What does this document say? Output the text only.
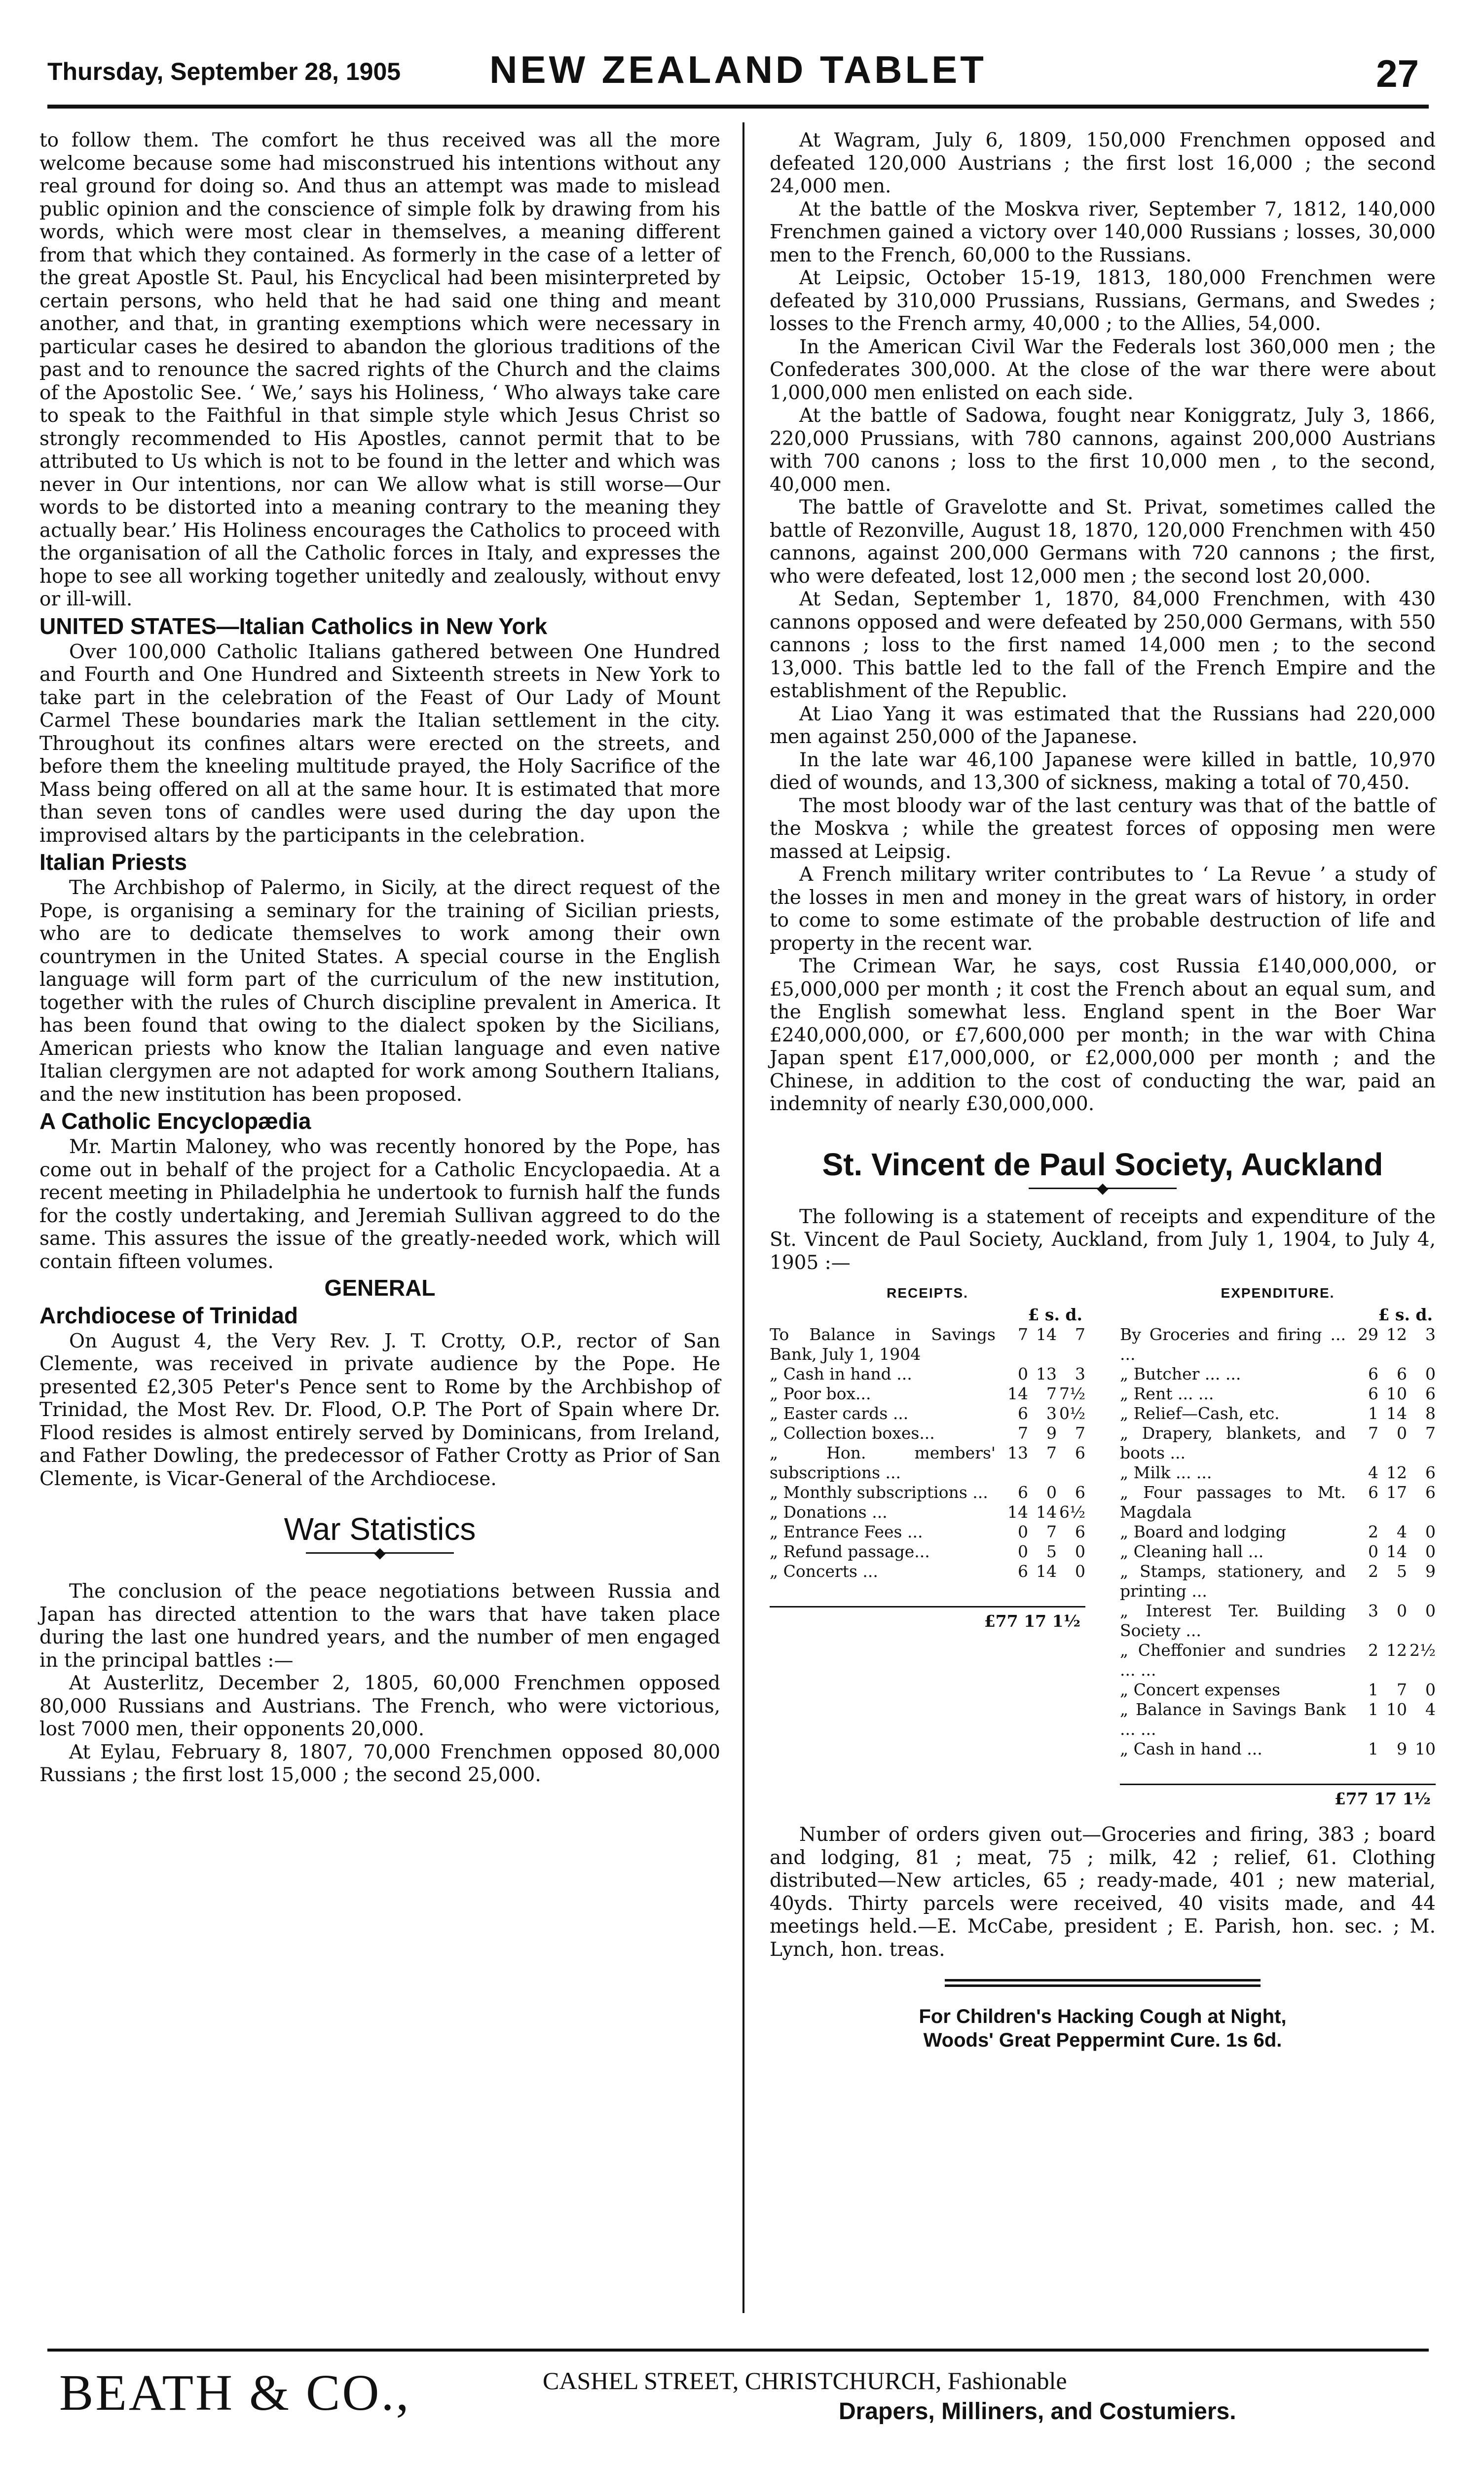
Thursday, September 28, 1905	NEW ZEALAND TABLET	27

to follow them. The comfort he thus received was all the more welcome because some had misconstrued his intentions without any real ground for doing so. And thus an attempt was made to mislead public opinion and the conscience of simple folk by drawing from his words, which were most clear in themselves, a meaning different from that which they contained. As formerly in the case of a letter of the great Apostle St. Paul, his Encyclical had been misinterpreted by certain persons, who held that he had said one thing and meant another, and that, in granting exemptions which were necessary in particular cases he desired to abandon the glorious traditions of the past and to renounce the sacred rights of the Church and the claims of the Apostolic See. ‘ We,’ says his Holiness, ‘ Who always take care to speak to the Faithful in that simple style which Jesus Christ so strongly recommended to His Apostles, cannot permit that to be attributed to Us which is not to be found in the letter and which was never in Our intentions, nor can We allow what is still worse—Our words to be distorted into a meaning contrary to the meaning they actually bear.’ His Holiness encourages the Catholics to proceed with the organisation of all the Catholic forces in Italy, and expresses the hope to see all working together unitedly and zealously, without envy or ill-will.

UNITED STATES—Italian Catholics in New York

Over 100,000 Catholic Italians gathered between One Hundred and Fourth and One Hundred and Sixteenth streets in New York to take part in the celebration of the Feast of Our Lady of Mount Carmel These boundaries mark the Italian settlement in the city. Throughout its confines altars were erected on the streets, and before them the kneeling multitude prayed, the Holy Sacrifice of the Mass being offered on all at the same hour. It is estimated that more than seven tons of candles were used during the day upon the improvised altars by the participants in the celebration.

Italian Priests

The Archbishop of Palermo, in Sicily, at the direct request of the Pope, is organising a seminary for the training of Sicilian priests, who are to dedicate themselves to work among their own countrymen in the United States. A special course in the English language will form part of the curriculum of the new institution, together with the rules of Church discipline prevalent in America. It has been found that owing to the dialect spoken by the Sicilians, American priests who know the Italian language and even native Italian clergymen are not adapted for work among Southern Italians, and the new institution has been proposed.

A Catholic Encyclopædia

Mr. Martin Maloney, who was recently honored by the Pope, has come out in behalf of the project for a Catholic Encyclopaedia. At a recent meeting in Philadelphia he undertook to furnish half the funds for the costly undertaking, and Jeremiah Sullivan aggreed to do the same. This assures the issue of the greatly-needed work, which will contain fifteen volumes.

GENERAL
Archdiocese of Trinidad

On August 4, the Very Rev. J. T. Crotty, O.P., rector of San Clemente, was received in private audience by the Pope. He presented £2,305 Peter's Pence sent to Rome by the Archbishop of Trinidad, the Most Rev. Dr. Flood, O.P. The Port of Spain where Dr. Flood resides is almost entirely served by Dominicans, from Ireland, and Father Dowling, the predecessor of Father Crotty as Prior of San Clemente, is Vicar-General of the Archdiocese.

War Statistics
◆

The conclusion of the peace negotiations between Russia and Japan has directed attention to the wars that have taken place during the last one hundred years, and the number of men engaged in the principal battles :—

At Austerlitz, December 2, 1805, 60,000 Frenchmen opposed 80,000 Russians and Austrians. The French, who were victorious, lost 7000 men, their opponents 20,000.

At Eylau, February 8, 1807, 70,000 Frenchmen opposed 80,000 Russians ; the first lost 15,000 ; the second 25,000.

At Wagram, July 6, 1809, 150,000 Frenchmen opposed and defeated 120,000 Austrians ; the first lost 16,000 ; the second 24,000 men.

At the battle of the Moskva river, September 7, 1812, 140,000 Frenchmen gained a victory over 140,000 Russians ; losses, 30,000 men to the French, 60,000 to the Russians.

At Leipsic, October 15-19, 1813, 180,000 Frenchmen were defeated by 310,000 Prussians, Russians, Germans, and Swedes ; losses to the French army, 40,000 ; to the Allies, 54,000.

In the American Civil War the Federals lost 360,000 men ; the Confederates 300,000. At the close of the war there were about 1,000,000 men enlisted on each side.

At the battle of Sadowa, fought near Koniggratz, July 3, 1866, 220,000 Prussians, with 780 cannons, against 200,000 Austrians with 700 canons ; loss to the first 10,000 men , to the second, 40,000 men.

The battle of Gravelotte and St. Privat, sometimes called the battle of Rezonville, August 18, 1870, 120,000 Frenchmen with 450 cannons, against 200,000 Germans with 720 cannons ; the first, who were defeated, lost 12,000 men ; the second lost 20,000.

At Sedan, September 1, 1870, 84,000 Frenchmen, with 430 cannons opposed and were defeated by 250,000 Germans, with 550 cannons ; loss to the first named 14,000 men ; to the second 13,000. This battle led to the fall of the French Empire and the establishment of the Republic.

At Liao Yang it was estimated that the Russians had 220,000 men against 250,000 of the Japanese.

In the late war 46,100 Japanese were killed in battle, 10,970 died of wounds, and 13,300 of sickness, making a total of 70,450.

The most bloody war of the last century was that of the battle of the Moskva ; while the greatest forces of opposing men were massed at Leipsig.

A French military writer contributes to ‘ La Revue ’ a study of the losses in men and money in the great wars of history, in order to come to some estimate of the probable destruction of life and property in the recent war.

The Crimean War, he says, cost Russia £140,000,000, or £5,000,000 per month ; it cost the French about an equal sum, and the English somewhat less. England spent in the Boer War £240,000,000, or £7,600,000 per month; in the war with China Japan spent £17,000,000, or £2,000,000 per month ; and the Chinese, in addition to the cost of conducting the war, paid an indemnity of nearly £30,000,000.

St. Vincent de Paul Society, Auckland
◆

The following is a statement of receipts and expenditure of the St. Vincent de Paul Society, Auckland, from July 1, 1904, to July 4, 1905 :—

RECEIPTS.
£ s. d.
To Balance in Savings Bank, July 1, 1904
7 14	7
„ Cash in hand ...	0 13	3
„ Poor box...	14	7 7½
„ Easter cards ...	6	3 0½
„ Collection boxes...	7	9	7
„ Hon. members' subscriptions ...
13	7	6
„ Monthly subscriptions ...	6	0	6
„ Donations ...	14 14 6½
„ Entrance Fees ...	0	7	6
„ Refund passage...	0	5	0
„ Concerts ...	6 14	0
£77 17 1½
EXPENDITURE.
£ s. d.
By Groceries and firing ... ...
29 12	3
„ Butcher ... ...	6	6	0
„ Rent ... ...	6 10	6
„ Relief—Cash, etc.	1 14	8
„ Drapery, blankets, and boots ...
7	0	7
„ Milk ... ...	4 12	6
„ Four passages to Mt. Magdala
6 17	6
„ Board and lodging	2	4	0
„ Cleaning hall ...	0 14	0
„ Stamps, stationery, and printing ...
2	5	9
„ Interest Ter. Building Society ...
3	0	0
„ Cheffonier and sundries ... ...
2 12 2½
„ Concert expenses	1	7	0
„ Balance in Savings Bank ... ...
1 10	4
„ Cash in hand ...	1	9 10
£77 17 1½

Number of orders given out—Groceries and firing, 383 ; board and lodging, 81 ; meat, 75 ; milk, 42 ; relief, 61. Clothing distributed—New articles, 65 ; ready-made, 401 ; new material, 40yds. Thirty parcels were received, 40 visits made, and 44 meetings held.—E. McCabe, president ; E. Parish, hon. sec. ; M. Lynch, hon. treas.

For Children's Hacking Cough at Night,
Woods' Great Peppermint Cure. 1s 6d.
BEATH & CO.,	CASHEL STREET, CHRISTCHURCH, Fashionable
Drapers, Milliners, and Costumiers.
